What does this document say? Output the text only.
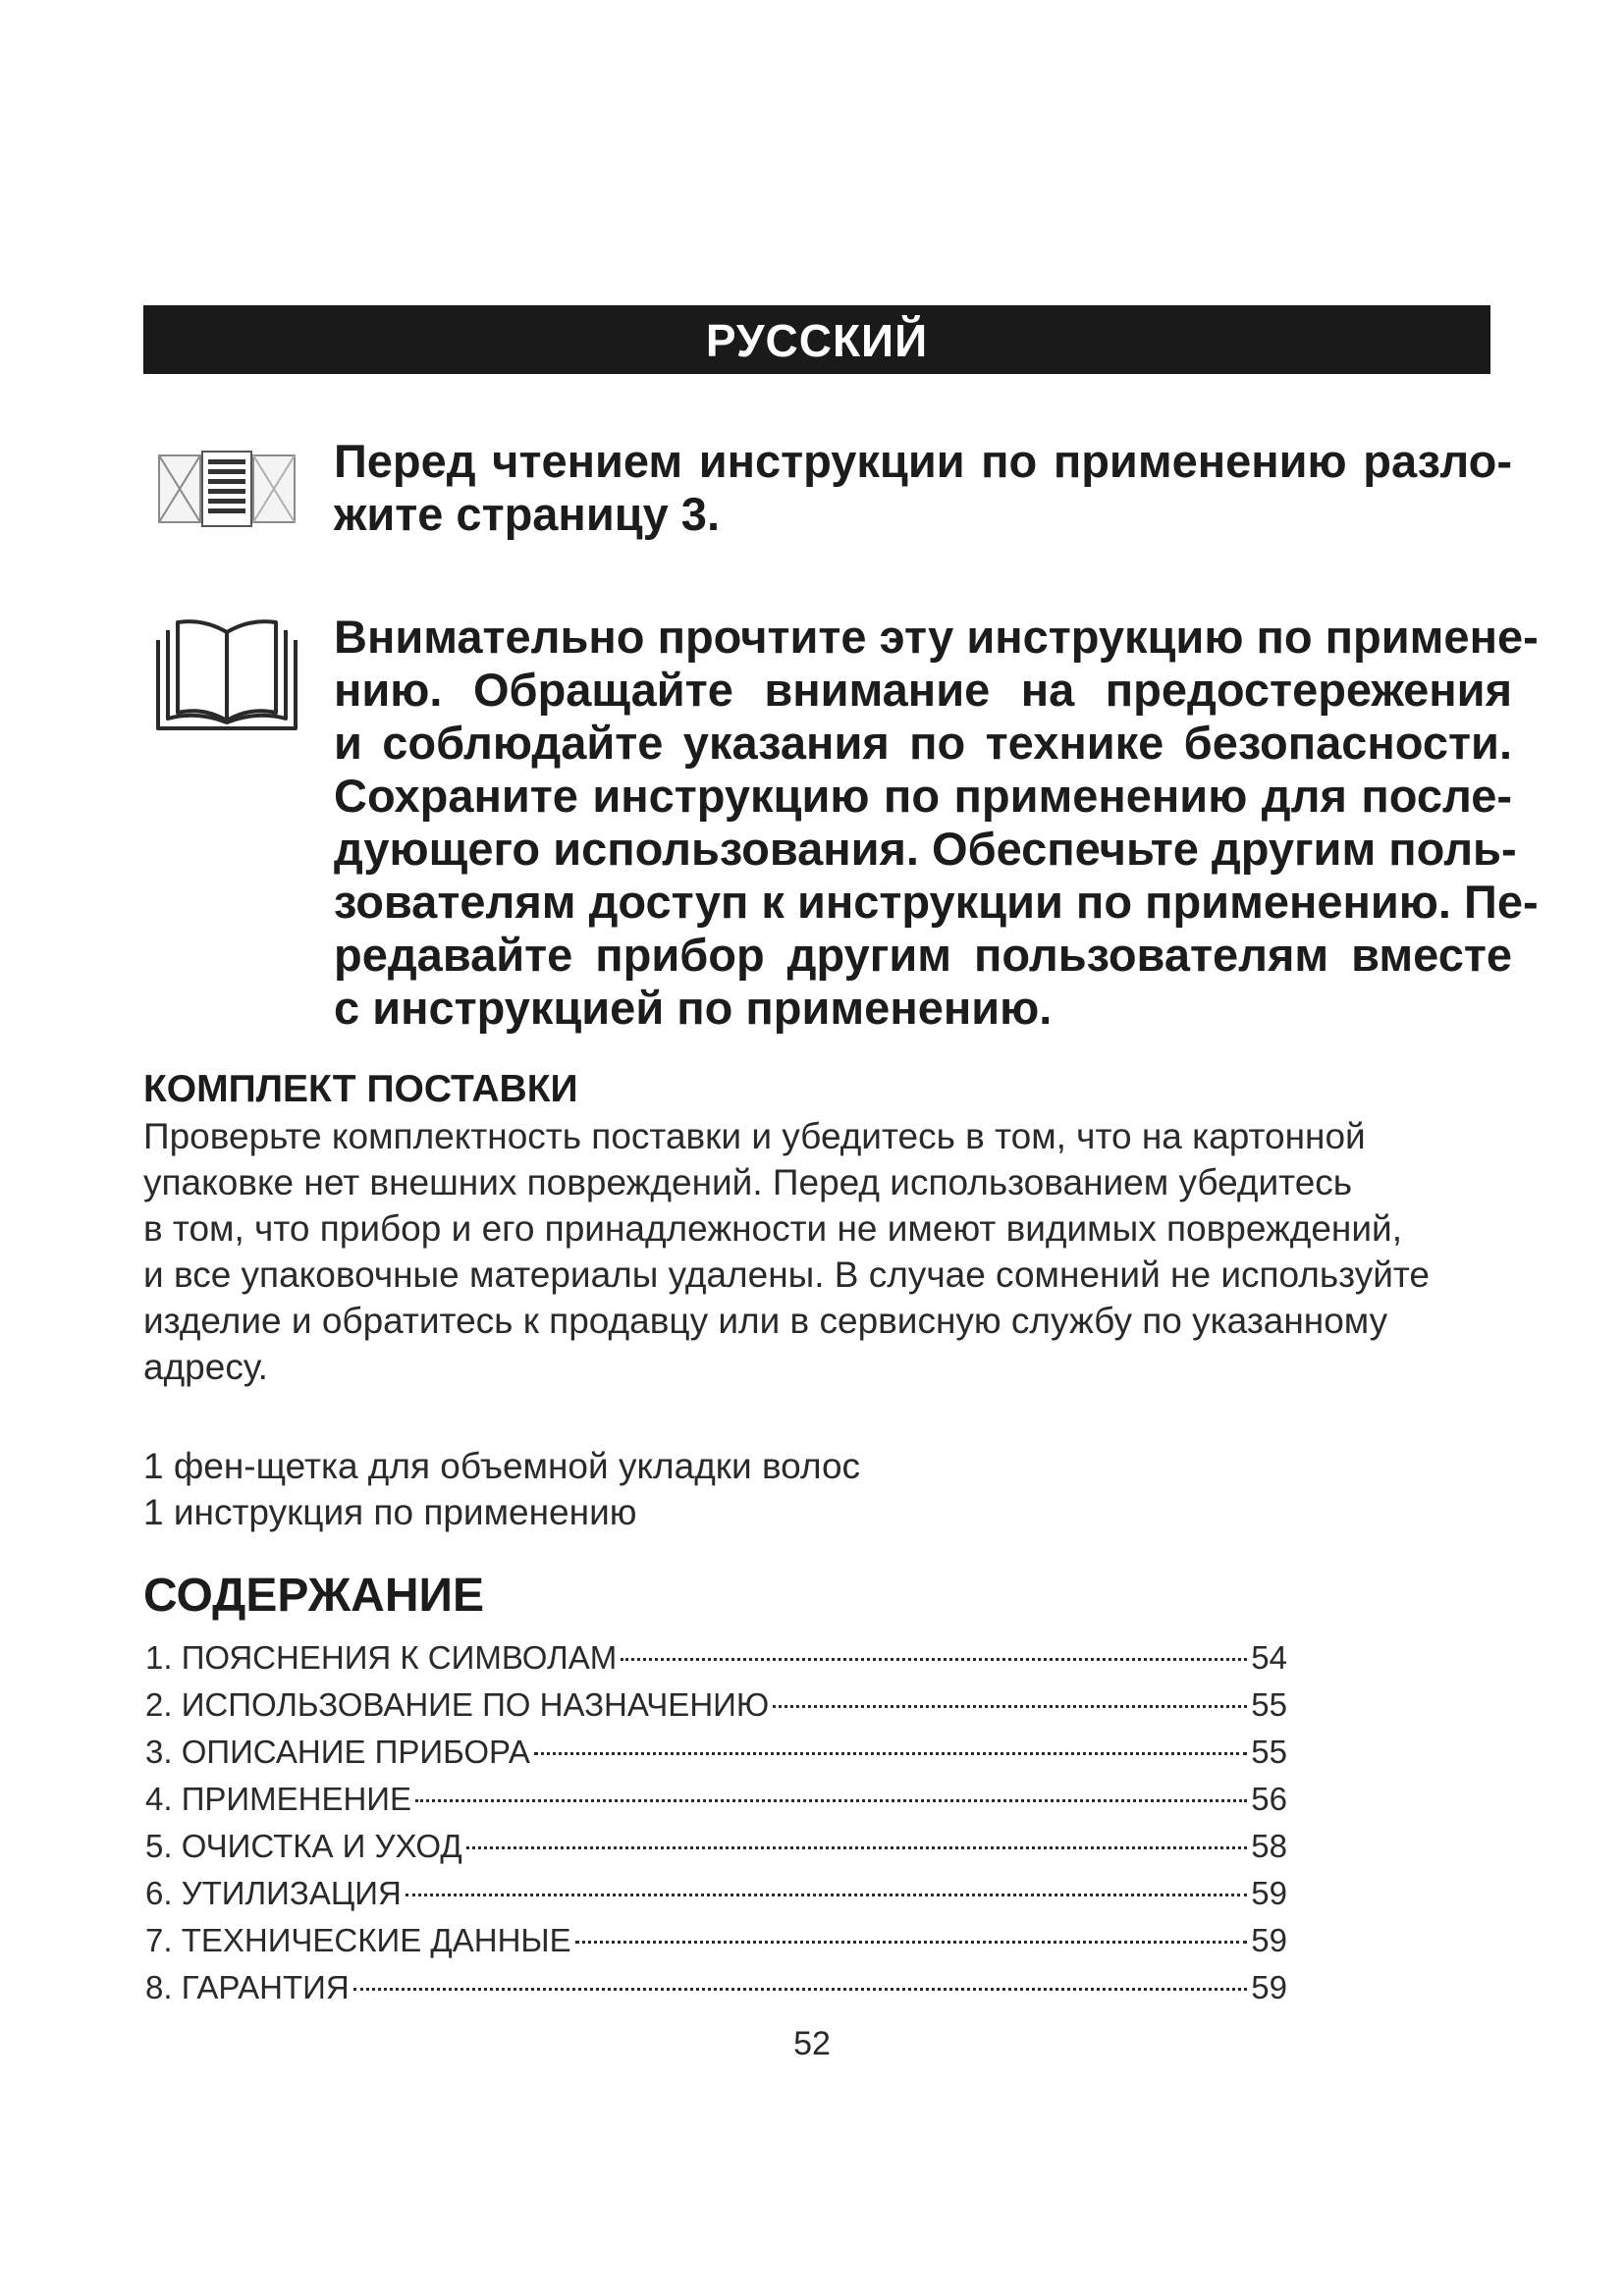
РУССКИЙ
Перед чтением инструкции по применению разло-
жите страницу 3.
Внимательно прочтите эту инструкцию по примене-
нию. Обращайте внимание на предостережения
и соблюдайте указания по технике безопасности.
Сохраните инструкцию по применению для после-
дующего использования. Обеспечьте другим поль-
зователям доступ к инструкции по применению. Пе-
редавайте прибор другим пользователям вместе
с инструкцией по применению.
КОМПЛЕКТ ПОСТАВКИ
Проверьте комплектность поставки и убедитесь в том, что на картонной
упаковке нет внешних повреждений. Перед использованием убедитесь
в том, что прибор и его принадлежности не имеют видимых повреждений,
и все упаковочные материалы удалены. В случае сомнений не используйте
изделие и обратитесь к продавцу или в сервисную службу по указанному
адресу.
1 фен-щетка для объемной укладки волос
1 инструкция по применению
СОДЕРЖАНИЕ
1. ПОЯСНЕНИЯ К СИМВОЛАМ	54
2. ИСПОЛЬЗОВАНИЕ ПО НАЗНАЧЕНИЮ	55
3. ОПИСАНИЕ ПРИБОРА	55
4. ПРИМЕНЕНИЕ	56
5. ОЧИСТКА И УХОД	58
6. УТИЛИЗАЦИЯ	59
7. ТЕХНИЧЕСКИЕ ДАННЫЕ	59
8. ГАРАНТИЯ	59
52
